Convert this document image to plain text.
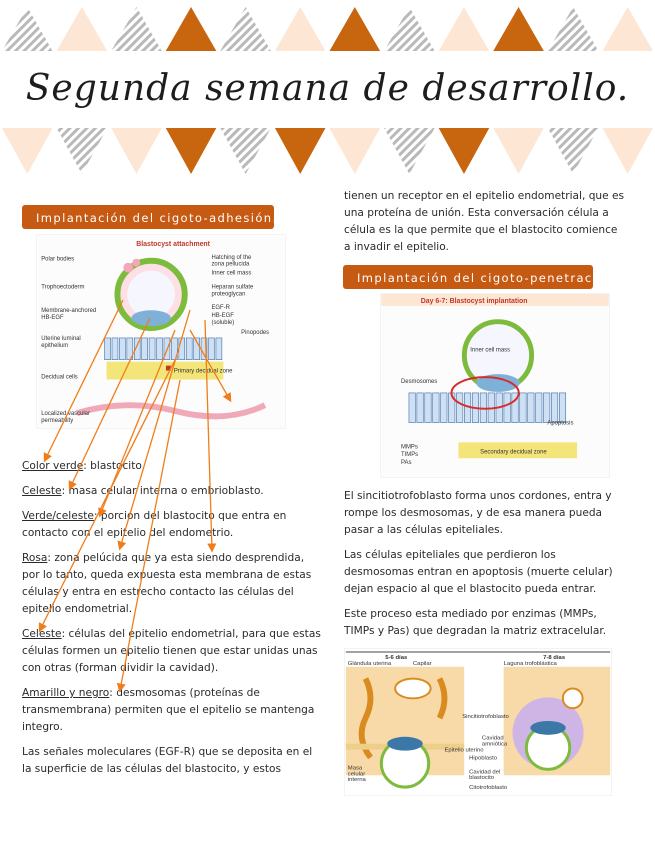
Segunda semana de desarrollo.
Implantación del cigoto-adhesión.
Blastocyst attachment
Polar bodies
Trophoectoderm
Membrane-anchored
HB-EGF
Uterine luminal
epithelium
Decidual cells
Localized vascular
permeability
Hatching of the
zona pellucida
Inner cell mass
Heparan sulfate
proteoglycan
EGF-R
HB-EGF
(soluble)
Pinopodes
Primary decidual zone

Color verde: blastocito.

Celeste: masa celular interna o embrioblasto.

Verde/celeste: porción del blastocito que entra en contacto con el epitelio del endometrio.

Rosa: zona pelúcida que ya esta siendo desprendida, por lo tanto, queda expuesta esta membrana de estas células y entra en estrecho contacto las células del epitelio endometrial.

Celeste: células del epitelio endometrial, para que estas células formen un epitelio tienen que estar unidas unas con otras (forman dividir la cavidad).

Amarillo y negro: desmosomas (proteínas de transmembrana) permiten que el epitelio se mantenga integro.

Las señales moleculares (EGF-R) que se deposita en el la superficie de las células del blastocito, y estos

tienen un receptor en el epitelio endometrial, que es una proteína de unión. Esta conversación célula a célula es la que permite que el blastocito comience a invadir el epitelio.

Implantación del cigoto-penetración.
Day 6-7: Blastocyst implantation
Inner cell mass
Desmosomes
Apoptosis
MMPs
TIMPs
PAs
Secondary decidual zone

El sincitiotrofoblasto forma unos cordones, entra y rompe los desmosomas, y de esa manera pueda pasar a las células epiteliales.

Las células epiteliales que perdieron los desmosomas entran en apoptosis (muerte celular) dejan espacio al que el blastocito pueda entrar.

Este proceso esta mediado por enzimas (MMPs, TIMPs y Pas) que degradan la matriz extracelular.

5-6 días	7-8 días
Glándula uterina	Capilar	Laguna trofoblástica
Sincitiotrofoblasto
Cavidad
amniótica
Epitelio uterino
Hipoblasto
Masa
celular
interna
Cavidad del
blastocito
Citotrofoblasto
